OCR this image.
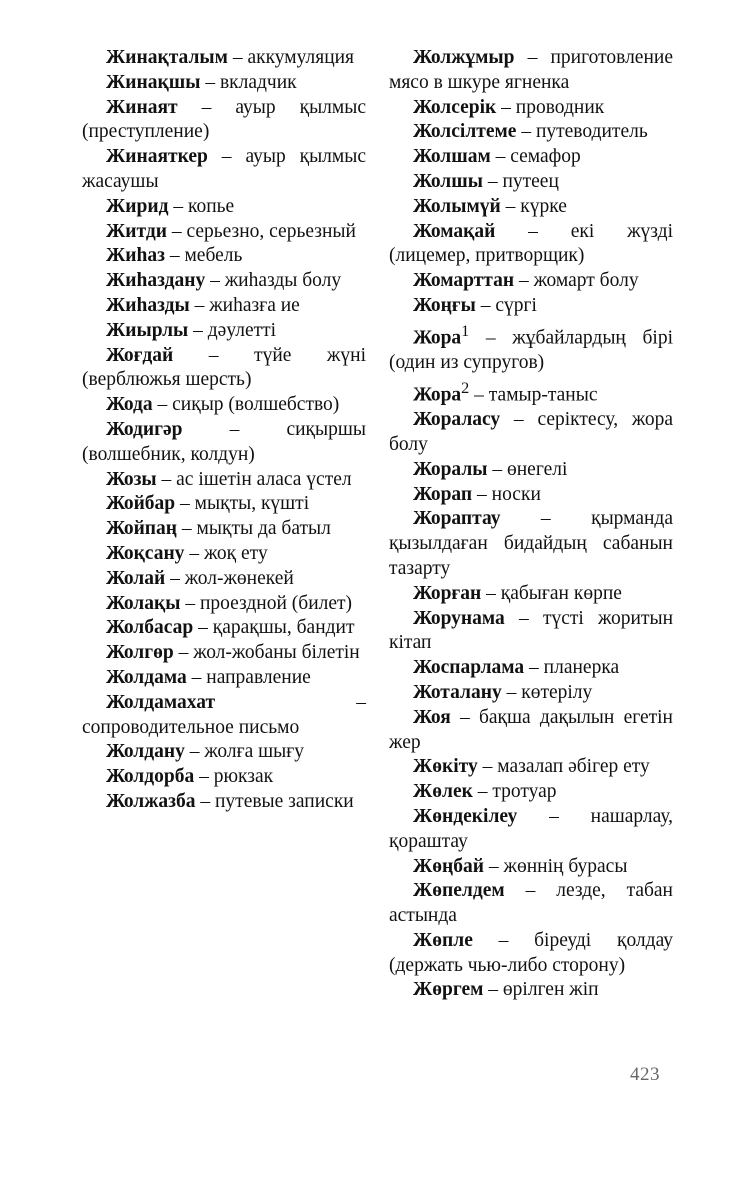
Жинақталым – аккумуляция

Жинақшы – вкладчик

Жинаят – ауыр қылмыс (преступление)

Жинаяткер – ауыр қылмыс жасаушы

Жирид – копье

Житди – серьезно, серьезный

Жиһаз – мебель

Жиһаздану – жиһазды болу

Жиһазды – жиһазға ие

Жиырлы – дәулетті

Жоғдай – түйе жүні (верблюжья шерсть)

Жода – сиқыр (волшебство)

Жодигәр – сиқыршы (волшебник, колдун)

Жозы – ас ішетін аласа үстел

Жойбар – мықты, күшті

Жойпаң – мықты да батыл

Жоқсану – жоқ ету

Жолай – жол-жөнекей

Жолақы – проездной (билет)

Жолбасар – қарақшы, бандит

Жолгөр – жол-жобаны білетін

Жолдама – направление

Жолдамахат – сопроводительное письмо

Жолдану – жолға шығу

Жолдорба – рюкзак

Жолжазба – путевые записки

Жолжұмыр – приготовление мясо в шкуре ягненка

Жолсерік – проводник

Жолсілтеме – путеводитель

Жолшам – семафор

Жолшы – путеец

Жолымүй – күрке

Жомақай – екі жүзді (лицемер, притворщик)

Жомарттан – жомарт болу

Жоңғы – сүргі

Жора$^1$ – жұбайлардың бірі (один из супругов)

Жора$^2$ – тамыр-таныс

Жораласу – серіктесу, жора болу

Жоралы – өнегелі

Жорап – носки

Жораптау – қырманда қызылдаған бидайдың сабанын тазарту

Жорған – қабыған көрпе

Жорунама – түсті жоритын кітап

Жоспарлама – планерка

Жоталану – көтерілу

Жоя – бақша дақылын егетін жер

Жөкіту – мазалап әбігер ету

Жөлек – тротуар

Жөндекілеу – нашарлау, қораштау

Жөңбай – жөннің бурасы

Жөпелдем – лезде, табан астында

Жөпле – біреуді қолдау (держать чью-либо сторону)

Жөргем – өрілген жіп

423
